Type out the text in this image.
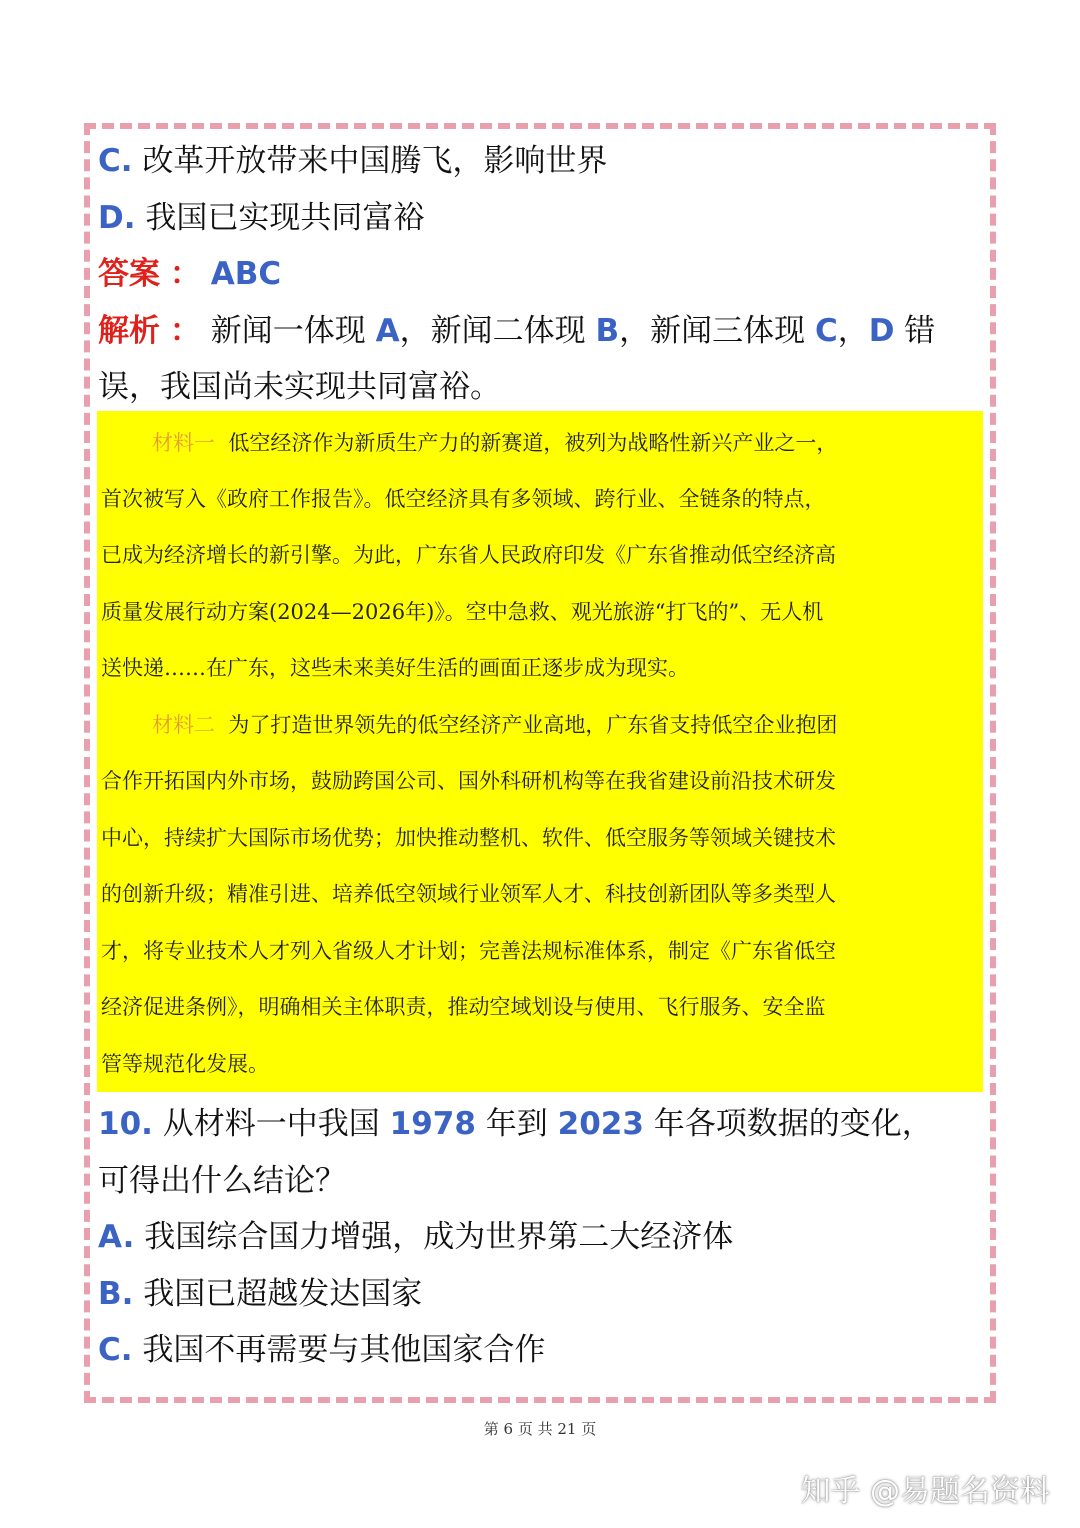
C. 改革开放带来中国腾飞，影响世界
D. 我国已实现共同富裕
答案 ： ABC
解析 ： 新闻一体现 A，新闻二体现 B，新闻三体现 C，D 错
误，我国尚未实现共同富裕。
材料一 低空经济作为新质生产力的新赛道，被列为战略性新兴产业之一，
首次被写入《政府工作报告》。低空经济具有多领域、跨行业、全链条的特点，
已成为经济增长的新引擎。为此，广东省人民政府印发《广东省推动低空经济高
质量发展行动方案(2024—2026年)》。空中急救、观光旅游“打飞的”、无人机
送快递……在广东，这些未来美好生活的画面正逐步成为现实。
材料二 为了打造世界领先的低空经济产业高地，广东省支持低空企业抱团
合作开拓国内外市场，鼓励跨国公司、国外科研机构等在我省建设前沿技术研发
中心，持续扩大国际市场优势；加快推动整机、软件、低空服务等领域关键技术
的创新升级；精准引进、培养低空领域行业领军人才、科技创新团队等多类型人
才，将专业技术人才列入省级人才计划；完善法规标准体系，制定《广东省低空
经济促进条例》，明确相关主体职责，推动空域划设与使用、飞行服务、安全监
管等规范化发展。
10. 从材料一中我国 1978 年到 2023 年各项数据的变化，
可得出什么结论？
A. 我国综合国力增强，成为世界第二大经济体
B. 我国已超越发达国家
C. 我国不再需要与其他国家合作
第 6 页 共 21 页
知乎 @易题名资料
